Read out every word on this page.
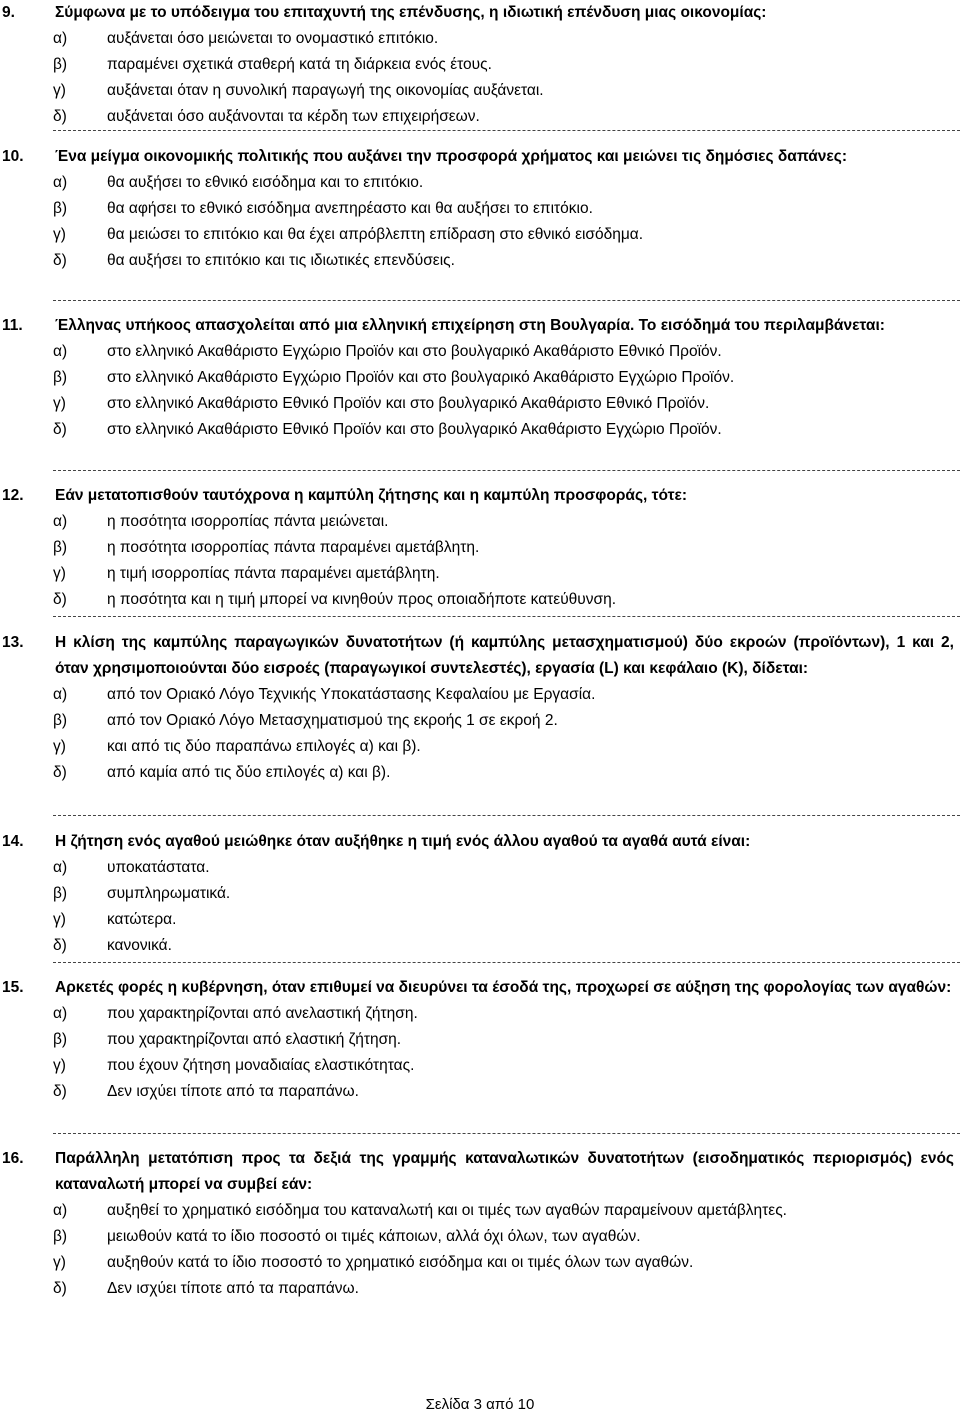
9.	Σύμφωνα με το υπόδειγμα του επιταχυντή της επένδυσης, η ιδιωτική επένδυση μιας οικονομίας:
α)	αυξάνεται όσο μειώνεται το ονομαστικό επιτόκιο.
β)	παραμένει σχετικά σταθερή κατά τη διάρκεια ενός έτους.
γ)	αυξάνεται όταν η συνολική παραγωγή της οικονομίας αυξάνεται.
δ)	αυξάνεται όσο αυξάνονται τα κέρδη των επιχειρήσεων.
10.	Ένα μείγμα οικονομικής πολιτικής που αυξάνει την προσφορά χρήματος και μειώνει τις δημόσιες δαπάνες:
α)	θα αυξήσει το εθνικό εισόδημα και το επιτόκιο.
β)	θα αφήσει το εθνικό εισόδημα ανεπηρέαστο και θα αυξήσει το επιτόκιο.
γ)	θα μειώσει το επιτόκιο και θα έχει απρόβλεπτη επίδραση στο εθνικό εισόδημα.
δ)	θα αυξήσει το επιτόκιο και τις ιδιωτικές επενδύσεις.
11.	Έλληνας υπήκοος απασχολείται από μια ελληνική επιχείρηση στη Βουλγαρία. Το εισόδημά του περιλαμβάνεται:
α)	στο ελληνικό Ακαθάριστο Εγχώριο Προϊόν και στο βουλγαρικό Ακαθάριστο Εθνικό Προϊόν.
β)	στο ελληνικό Ακαθάριστο Εγχώριο Προϊόν και στο βουλγαρικό Ακαθάριστο Εγχώριο Προϊόν.
γ)	στο ελληνικό Ακαθάριστο Εθνικό Προϊόν και στο βουλγαρικό Ακαθάριστο Εθνικό Προϊόν.
δ)	στο ελληνικό Ακαθάριστο Εθνικό Προϊόν και στο βουλγαρικό Ακαθάριστο Εγχώριο Προϊόν.
12.	Εάν μετατοπισθούν ταυτόχρονα η καμπύλη ζήτησης και η καμπύλη προσφοράς, τότε:
α)	η ποσότητα ισορροπίας πάντα μειώνεται.
β)	η ποσότητα ισορροπίας πάντα παραμένει αμετάβλητη.
γ)	η τιμή ισορροπίας πάντα παραμένει αμετάβλητη.
δ)	η ποσότητα και η τιμή μπορεί να κινηθούν προς οποιαδήποτε κατεύθυνση.
13.	Η κλίση της καμπύλης παραγωγικών δυνατοτήτων (ή καμπύλης μετασχηματισμού) δύο εκροών (προϊόντων), 1 και 2, όταν χρησιμοποιούνται δύο εισροές (παραγωγικοί συντελεστές), εργασία (L) και κεφάλαιο (K), δίδεται:
α)	από τον Οριακό Λόγο Τεχνικής Υποκατάστασης Κεφαλαίου με Εργασία.
β)	από τον Οριακό Λόγο Μετασχηματισμού της εκροής 1 σε εκροή 2.
γ)	και από τις δύο παραπάνω επιλογές α) και β).
δ)	από καμία από τις δύο επιλογές α) και β).
14.	Η ζήτηση ενός αγαθού μειώθηκε όταν αυξήθηκε η τιμή ενός άλλου αγαθού τα αγαθά αυτά είναι:
α)	υποκατάστατα.
β)	συμπληρωματικά.
γ)	κατώτερα.
δ)	κανονικά.
15.	Αρκετές φορές η κυβέρνηση, όταν επιθυμεί να διευρύνει τα έσοδά της, προχωρεί σε αύξηση της φορολογίας των αγαθών:
α)	που χαρακτηρίζονται από ανελαστική ζήτηση.
β)	που χαρακτηρίζονται από ελαστική ζήτηση.
γ)	που έχουν ζήτηση μοναδιαίας ελαστικότητας.
δ)	Δεν ισχύει τίποτε από τα παραπάνω.
16.	Παράλληλη μετατόπιση προς τα δεξιά της γραμμής καταναλωτικών δυνατοτήτων (εισοδηματικός περιορισμός) ενός καταναλωτή μπορεί να συμβεί εάν:
α)	αυξηθεί το χρηματικό εισόδημα του καταναλωτή και οι τιμές των αγαθών παραμείνουν αμετάβλητες.
β)	μειωθούν κατά το ίδιο ποσοστό οι τιμές κάποιων, αλλά όχι όλων, των αγαθών.
γ)	αυξηθούν κατά το ίδιο ποσοστό το χρηματικό εισόδημα και οι τιμές όλων των αγαθών.
δ)	Δεν ισχύει τίποτε από τα παραπάνω.
Σελίδα 3 από 10
